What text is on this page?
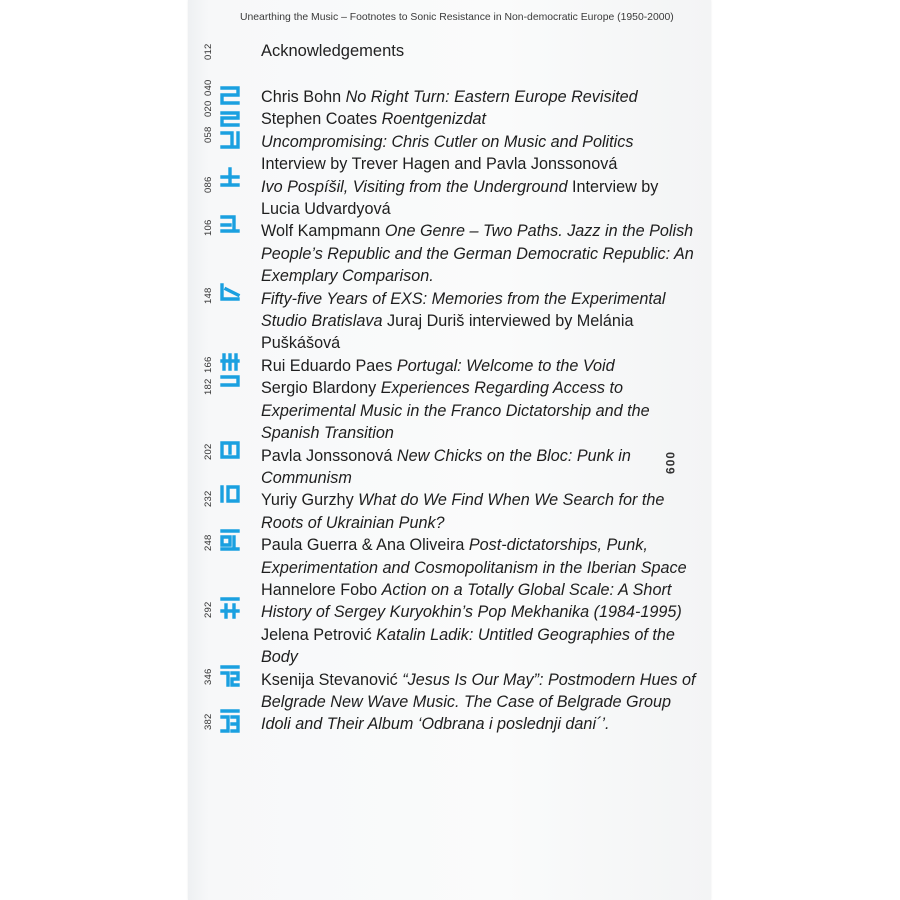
Unearthing the Music – Footnotes to Sonic Resistance in Non-democratic Europe (1950-2000)
012	Acknowledgements
020
040
058
086
106
148
166
182
202
232
248
292
346
382

Chris Bohn No Right Turn: Eastern Europe Revisited

Stephen Coates Roentgenizdat

Uncompromising: Chris Cutler on Music and Politics Interview by Trever Hagen and Pavla Jonssonová

Ivo Pospíšil, Visiting from the Underground Interview by Lucia Udvardyová

Wolf Kampmann One Genre – Two Paths. Jazz in the Polish People’s Republic and the German Democratic Republic: An Exemplary Comparison.

Fifty-five Years of EXS: Memories from the Experimental Studio Bratislava Juraj Duriš interviewed by Melánia Puškášová

Rui Eduardo Paes Portugal: Welcome to the Void

Sergio Blardony Experiences Regarding Access to Experimental Music in the Franco Dictatorship and the Spanish Transition

Pavla Jonssonová New Chicks on the Bloc: Punk in Communism

Yuriy Gurzhy What do We Find When We Search for the Roots of Ukrainian Punk?

Paula Guerra & Ana Oliveira Post-dictatorships, Punk, Experimentation and Cosmopolitanism in the Iberian Space

Hannelore Fobo Action on a Totally Global Scale: A Short History of Sergey Kuryokhin’s Pop Mekhanika (1984-1995)

Jelena Petrović Katalin Ladik: Untitled Geographies of the Body

Ksenija Stevanović “Jesus Is Our May”: Postmodern Hues of Belgrade New Wave Music. The Case of Belgrade Group Idoli and Their Album ‘Odbrana i poslednji dani´’.

009
